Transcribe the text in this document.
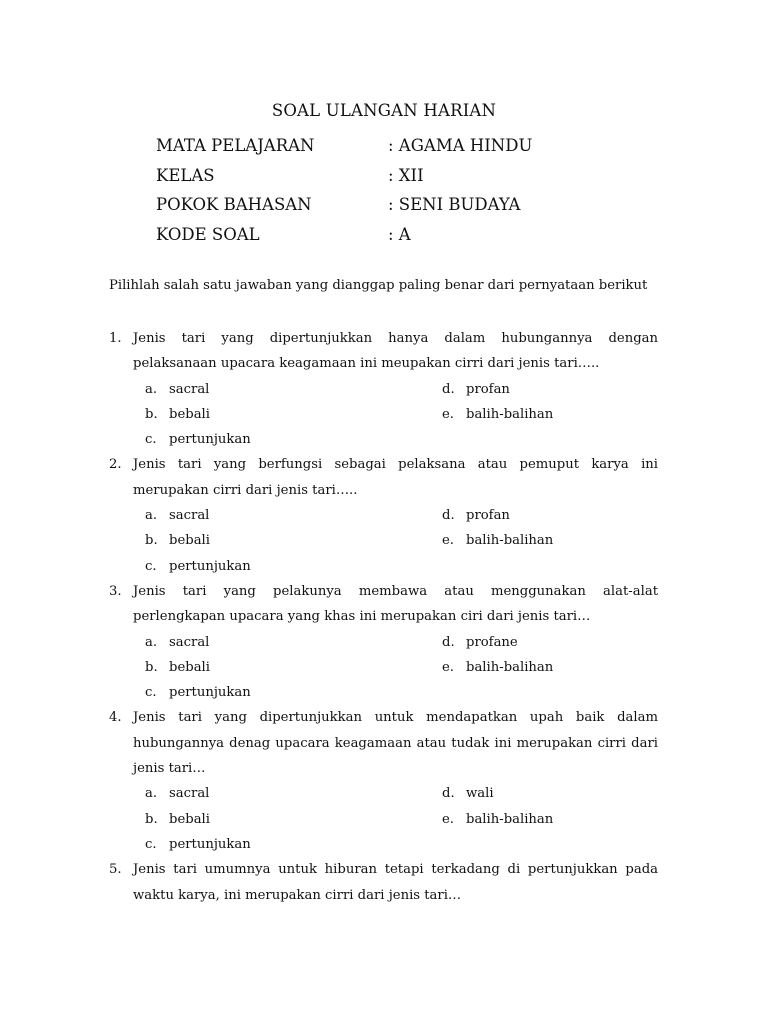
SOAL ULANGAN HARIAN
MATA PELAJARAN	: AGAMA HINDU
KELAS	: XII
POKOK BAHASAN	: SENI BUDAYA
KODE SOAL	: A
Pilihlah salah satu jawaban yang dianggap paling benar dari pernyataan berikut
1. Jenis tari yang dipertunjukkan hanya dalam hubungannya dengan pelaksanaan upacara keagamaan ini meupakan cirri dari jenis tari…..
a. sacral
b. bebali
c. pertunjukan
d. profan
e. balih-balihan
2. Jenis tari yang berfungsi sebagai pelaksana atau pemuput karya ini merupakan cirri dari jenis tari…..
a. sacral
b. bebali
c. pertunjukan
d. profan
e. balih-balihan
3. Jenis tari yang pelakunya membawa atau menggunakan alat-alat perlengkapan upacara yang khas ini merupakan ciri dari jenis tari…
a. sacral
b. bebali
c. pertunjukan
d. profane
e. balih-balihan
4. Jenis tari yang dipertunjukkan untuk mendapatkan upah baik dalam hubungannya denag upacara keagamaan atau tudak ini merupakan cirri dari jenis tari…
a. sacral
b. bebali
c. pertunjukan
d. wali
e. balih-balihan
5. Jenis tari umumnya untuk hiburan tetapi terkadang di pertunjukkan pada waktu karya, ini merupakan cirri dari jenis tari…
